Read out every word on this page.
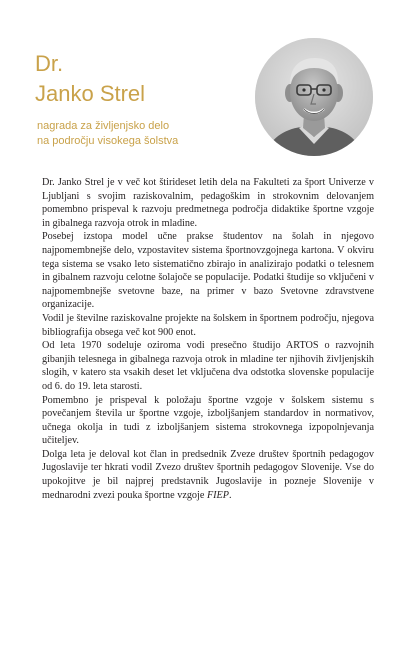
Dr.
Janko Strel
nagrada za življenjsko delo
na področju visokega šolstva

Dr. Janko Strel je v več kot štirideset letih dela na Fakulteti za šport Univerze v Ljubljani s svojim raziskovalnim, pedagoškim in strokovnim delovanjem pomembno prispeval k razvoju predmetnega področja didaktike športne vzgoje in gibalnega razvoja otrok in mladine.

Posebej izstopa model učne prakse študentov na šolah in njegovo najpomembnejše delo, vzpostavitev sistema športnovzgojnega kartona. V okviru tega sistema se vsako leto sistematično zbirajo in analizirajo podatki o telesnem in gibalnem razvoju celotne šolajoče se populacije. Podatki študije so vključeni v najpomembnejše svetovne baze, na primer v bazo Svetovne zdravstvene organizacije.

Vodil je številne raziskovalne projekte na šolskem in športnem področju, njegova bibliografija obsega več kot 900 enot.

Od leta 1970 sodeluje oziroma vodi presečno študijo ARTOS o razvojnih gibanjih telesnega in gibalnega razvoja otrok in mladine ter njihovih življenjskih slogih, v katero sta vsakih deset let vključena dva odstotka slovenske populacije od 6. do 19. leta starosti.

Pomembno je prispeval k položaju športne vzgoje v šolskem sistemu s povečanjem števila ur športne vzgoje, izboljšanjem standardov in normativov, učnega okolja in tudi z izboljšanjem sistema strokovnega izpopolnjevanja učiteljev.

Dolga leta je deloval kot član in predsednik Zveze društev športnih pedagogov Jugoslavije ter hkrati vodil Zvezo društev športnih pedagogov Slovenije. Vse do upokojitve je bil najprej predstavnik Jugoslavije in pozneje Slovenije v mednarodni zvezi pouka športne vzgoje FIEP.
